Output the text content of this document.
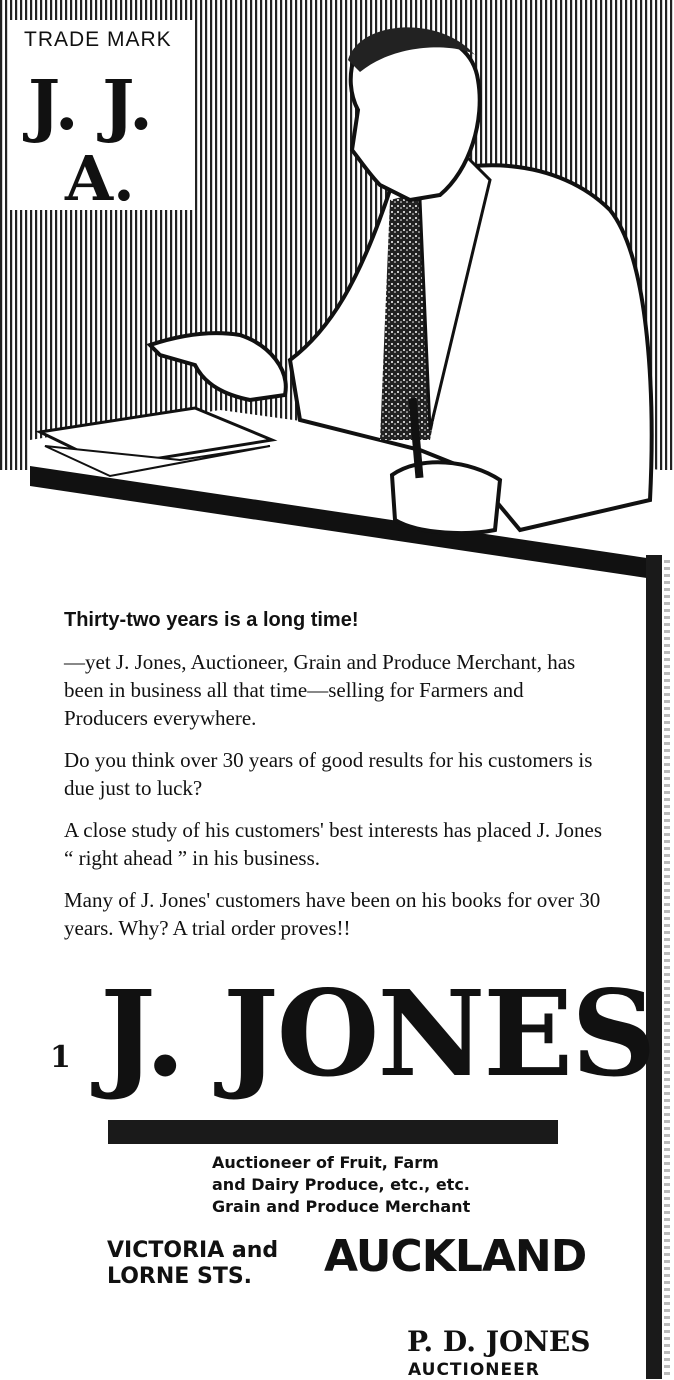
TRADE MARK
J. J.
A.

Thirty-two years is a long time!

—yet J. Jones, Auctioneer, Grain and Produce Merchant, has been in business all that time—selling for Farmers and Producers everywhere.

Do you think over 30 years of good results for his customers is due just to luck?

A close study of his customers' best interests has placed J. Jones “ right ahead ” in his business.

Many of J. Jones' customers have been on his books for over 30 years. Why? A trial order proves!!

1 J. JONES
Auctioneer of Fruit, Farm
and Dairy Produce, etc., etc.
Grain and Produce Merchant
VICTORIA and
LORNE STS.	AUCKLAND
P. D. JONES
AUCTIONEER
